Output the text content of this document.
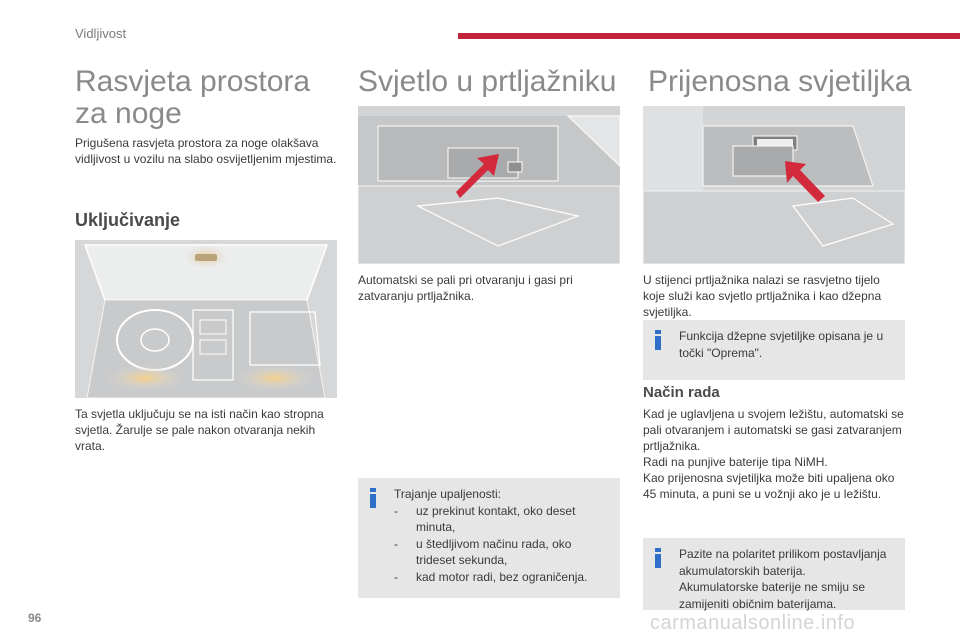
Vidljivost
Rasvjeta prostora
za noge

Prigušena rasvjeta prostora za noge olakšava vidljivost u vozilu na slabo osvijetljenim mjestima.

Uključivanje

Ta svjetla uključuju se na isti način kao stropna svjetla. Žarulje se pale nakon otvaranja nekih vrata.

Svjetlo u prtljažniku

Automatski se pali pri otvaranju i gasi pri zatvaranju prtljažnika.

Trajanje upaljenosti:
-	uz prekinut kontakt, oko deset minuta,
-	u štedljivom načinu rada, oko trideset sekunda,
-	kad motor radi, bez ograničenja.
Prijenosna svjetiljka

U stijenci prtljažnika nalazi se rasvjetno tijelo koje služi kao svjetlo prtljažnika i kao džepna svjetiljka.

Funkcija džepne svjetiljke opisana je u točki "Oprema".
Način rada

Kad je uglavljena u svojem ležištu, automatski se pali otvaranjem i automatski se gasi zatvaranjem prtljažnika.

Radi na punjive baterije tipa NiMH.

Kao prijenosna svjetiljka može biti upaljena oko 45 minuta, a puni se u vožnji ako je u ležištu.

Pazite na polaritet prilikom postavljanja akumulatorskih baterija.
Akumulatorske baterije ne smiju se zamijeniti običnim baterijama.
96	carmanualsonline.info
